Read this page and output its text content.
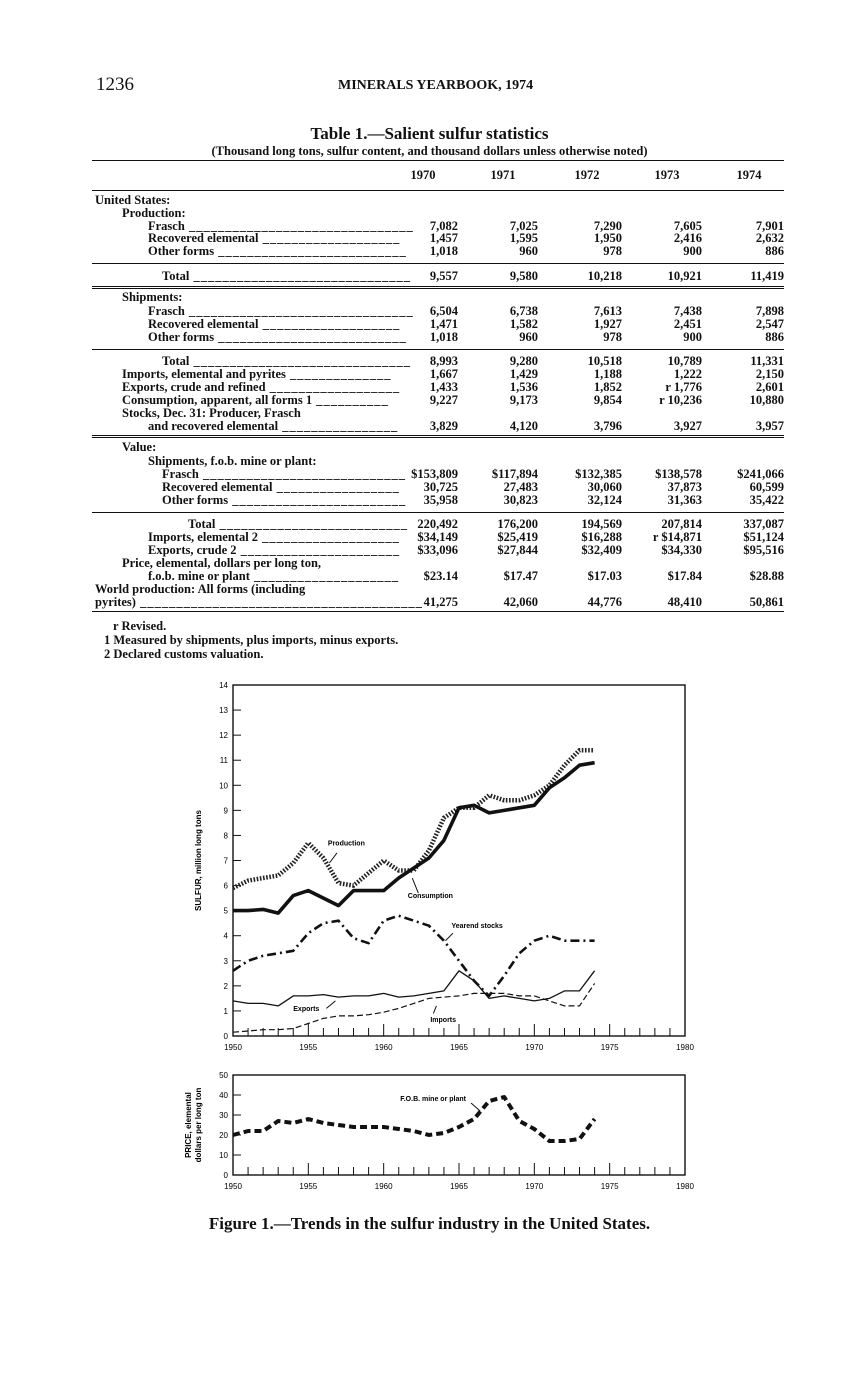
1236	MINERALS YEARBOOK, 1974
Table 1.—Salient sulfur statistics
(Thousand long tons, sulfur content, and thousand dollars unless otherwise noted)
1970	1971	1972	1973	1974
United States:
Production:
Frasch _______________________________	7,082	7,025	7,290	7,605	7,901
Recovered elemental ___________________	1,457	1,595	1,950	2,416	2,632
Other forms __________________________	1,018	960	978	900	886
Total ______________________________	9,557	9,580	10,218	10,921	11,419
Shipments:
Frasch _______________________________	6,504	6,738	7,613	7,438	7,898
Recovered elemental ___________________	1,471	1,582	1,927	2,451	2,547
Other forms __________________________	1,018	960	978	900	886
Total ______________________________	8,993	9,280	10,518	10,789	11,331
Imports, elemental and pyrites ______________	1,667	1,429	1,188	1,222	2,150
Exports, crude and refined __________________	1,433	1,536	1,852	r 1,776	2,601
Consumption, apparent, all forms 1 __________	9,227	9,173	9,854	r 10,236	10,880
Stocks, Dec. 31: Producer, Frasch
and recovered elemental ________________	3,829	4,120	3,796	3,927	3,957
Value:
Shipments, f.o.b. mine or plant:
Frasch ____________________________ $153,809	$117,894	$132,385	$138,578	$241,066
Recovered elemental _________________	30,725	27,483	30,060	37,873	60,599
Other forms ________________________	35,958	30,823	32,124	31,363	35,422
Total __________________________ 220,492	176,200	194,569	207,814	337,087
Imports, elemental 2 ___________________	$34,149	$25,419	$16,288	r $14,871	$51,124
Exports, crude 2 ______________________	$33,096	$27,844	$32,409	$34,330	$95,516
Price, elemental, dollars per long ton,
f.o.b. mine or plant ____________________	$23.14	$17.47	$17.03	$17.84	$28.88
World production: All forms (including
pyrites) _______________________________________ 41,275	42,060	44,776	48,410	50,861
r Revised.
1 Measured by shipments, plus imports, minus exports.
2 Declared customs valuation.
0
1
2
3
4
5
6
7
8
9
10
11
12
13
14
1950	1955	1960	1965	1970	1975	1980
SULFUR, million long tons	Production
Consumption
Yearend stocks
Exports
Imports
0
10
20
30
40
50
1950	1955	1960	1965	1970	1975	1980
PRICE, elemental dollars per long ton	F.O.B. mine or plant
Figure 1.—Trends in the sulfur industry in the United States.
